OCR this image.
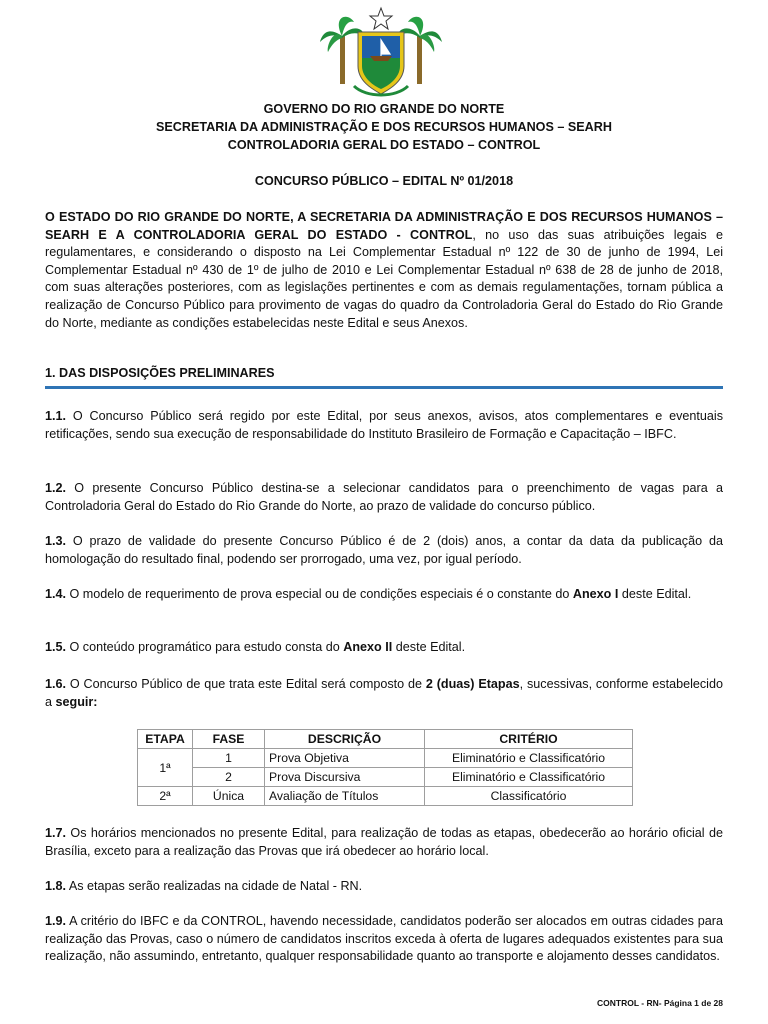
GOVERNO DO RIO GRANDE DO NORTE
SECRETARIA DA ADMINISTRAÇÃO E DOS RECURSOS HUMANOS – SEARH
CONTROLADORIA GERAL DO ESTADO – CONTROL
CONCURSO PÚBLICO – EDITAL Nº 01/2018

O ESTADO DO RIO GRANDE DO NORTE, A SECRETARIA DA ADMINISTRAÇÃO E DOS RECURSOS HUMANOS – SEARH E A CONTROLADORIA GERAL DO ESTADO - CONTROL, no uso das suas atribuições legais e regulamentares, e considerando o disposto na Lei Complementar Estadual nº 122 de 30 de junho de 1994, Lei Complementar Estadual nº 430 de 1º de julho de 2010 e Lei Complementar Estadual nº 638 de 28 de junho de 2018, com suas alterações posteriores, com as legislações pertinentes e com as demais regulamentações, tornam pública a realização de Concurso Público para provimento de vagas do quadro da Controladoria Geral do Estado do Rio Grande do Norte, mediante as condições estabelecidas neste Edital e seus Anexos.

1. DAS DISPOSIÇÕES PRELIMINARES

1.1. O Concurso Público será regido por este Edital, por seus anexos, avisos, atos complementares e eventuais retificações, sendo sua execução de responsabilidade do Instituto Brasileiro de Formação e Capacitação – IBFC.

1.2. O presente Concurso Público destina-se a selecionar candidatos para o preenchimento de vagas para a Controladoria Geral do Estado do Rio Grande do Norte, ao prazo de validade do concurso público.

1.3. O prazo de validade do presente Concurso Público é de 2 (dois) anos, a contar da data da publicação da homologação do resultado final, podendo ser prorrogado, uma vez, por igual período.

1.4. O modelo de requerimento de prova especial ou de condições especiais é o constante do Anexo I deste Edital.

1.5. O conteúdo programático para estudo consta do Anexo II deste Edital.

1.6. O Concurso Público de que trata este Edital será composto de 2 (duas) Etapas, sucessivas, conforme estabelecido a seguir:

ETAPA	FASE	DESCRIÇÃO	CRITÉRIO
1ª	1	Prova Objetiva	Eliminatório e Classificatório
	2	Prova Discursiva	Eliminatório e Classificatório
2ª	Única	Avaliação de Títulos	Classificatório

1.7. Os horários mencionados no presente Edital, para realização de todas as etapas, obedecerão ao horário oficial de Brasília, exceto para a realização das Provas que irá obedecer ao horário local.

1.8. As etapas serão realizadas na cidade de Natal - RN.

1.9. A critério do IBFC e da CONTROL, havendo necessidade, candidatos poderão ser alocados em outras cidades para realização das Provas, caso o número de candidatos inscritos exceda à oferta de lugares adequados existentes para sua realização, não assumindo, entretanto, qualquer responsabilidade quanto ao transporte e alojamento desses candidatos.

CONTROL - RN- Página 1 de 28
